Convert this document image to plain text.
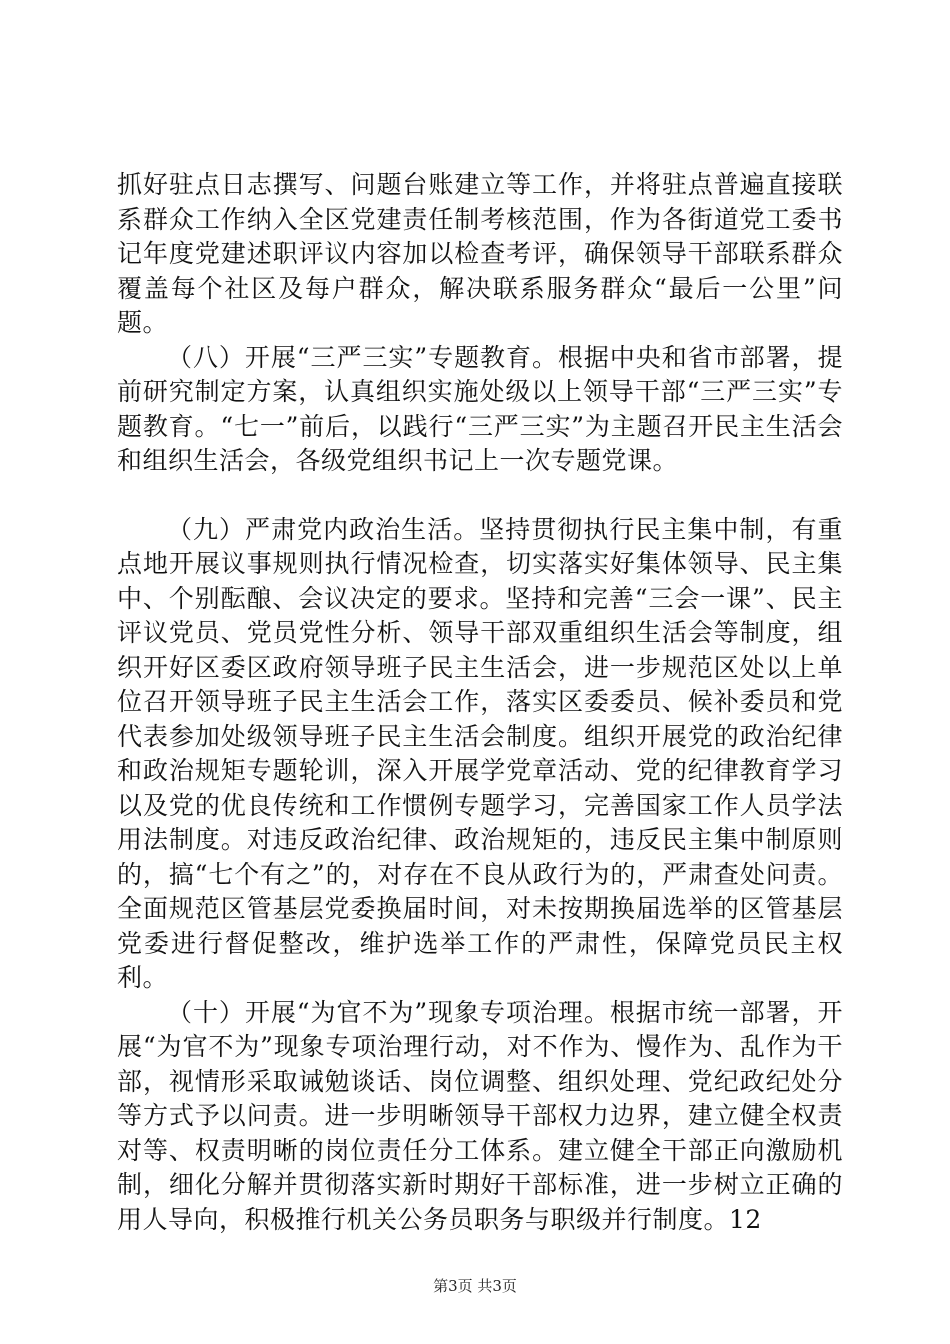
抓好驻点日志撰写、问题台账建立等工作，并将驻点普遍直接联系群众工作纳入全区党建责任制考核范围，作为各街道党工委书记年度党建述职评议内容加以检查考评，确保领导干部联系群众覆盖每个社区及每户群众，解决联系服务群众“最后一公里”问题。

（八）开展“三严三实”专题教育。根据中央和省市部署，提前研究制定方案，认真组织实施处级以上领导干部“三严三实”专题教育。“七一”前后，以践行“三严三实”为主题召开民主生活会和组织生活会，各级党组织书记上一次专题党课。

（九）严肃党内政治生活。坚持贯彻执行民主集中制，有重点地开展议事规则执行情况检查，切实落实好集体领导、民主集中、个别酝酿、会议决定的要求。坚持和完善“三会一课”、民主评议党员、党员党性分析、领导干部双重组织生活会等制度，组织开好区委区政府领导班子民主生活会，进一步规范区处以上单位召开领导班子民主生活会工作，落实区委委员、候补委员和党代表参加处级领导班子民主生活会制度。组织开展党的政治纪律和政治规矩专题轮训，深入开展学党章活动、党的纪律教育学习以及党的优良传统和工作惯例专题学习，完善国家工作人员学法用法制度。对违反政治纪律、政治规矩的，违反民主集中制原则的，搞“七个有之”的，对存在不良从政行为的，严肃查处问责。全面规范区管基层党委换届时间，对未按期换届选举的区管基层党委进行督促整改，维护选举工作的严肃性，保障党员民主权利。

（十）开展“为官不为”现象专项治理。根据市统一部署，开展“为官不为”现象专项治理行动，对不作为、慢作为、乱作为干部，视情形采取诫勉谈话、岗位调整、组织处理、党纪政纪处分等方式予以问责。进一步明晰领导干部权力边界，建立健全权责对等、权责明晰的岗位责任分工体系。建立健全干部正向激励机制，细化分解并贯彻落实新时期好干部标准，进一步树立正确的用人导向，积极推行机关公务员职务与职级并行制度。12

第3页 共3页
